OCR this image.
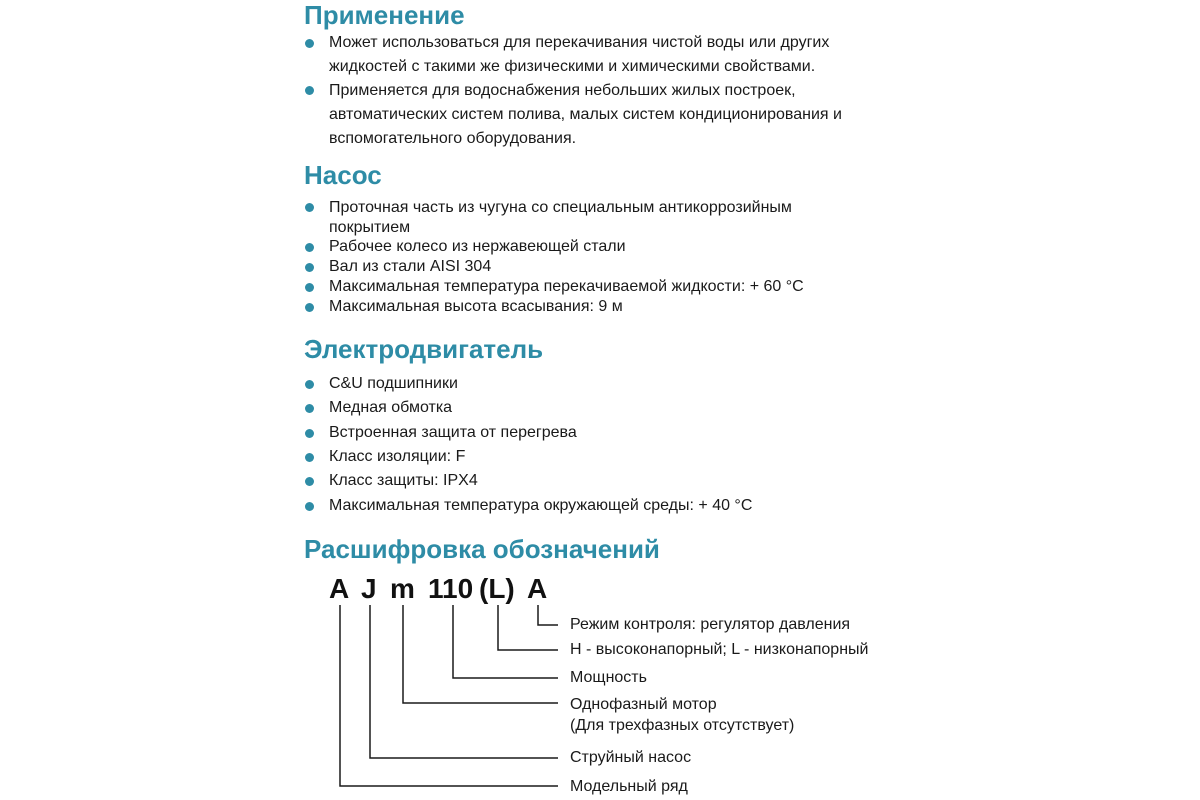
Применение
Может использоваться для перекачивания чистой воды или других
жидкостей с такими же физическими и химическими свойствами.
Применяется для водоснабжения небольших жилых построек,
автоматических систем полива, малых систем кондиционирования и
вспомогательного оборудования.
Насос
Проточная часть из чугуна со специальным антикоррозийным
покрытием
Рабочее колесо из нержавеющей стали
Вал из стали AISI 304
Максимальная температура перекачиваемой жидкости: + 60 °C
Максимальная высота всасывания: 9 м
Электродвигатель
C&U подшипники
Медная обмотка
Встроенная защита от перегрева
Класс изоляции: F
Класс защиты: IPX4
Максимальная температура окружающей среды: + 40 °C
Расшифровка обозначений
A J m 110 (L) A
Режим контроля: регулятор давления
H - высоконапорный; L - низконапорный
Мощность
Однофазный мотор
(Для трехфазных отсутствует)
Струйный насос
Модельный ряд
